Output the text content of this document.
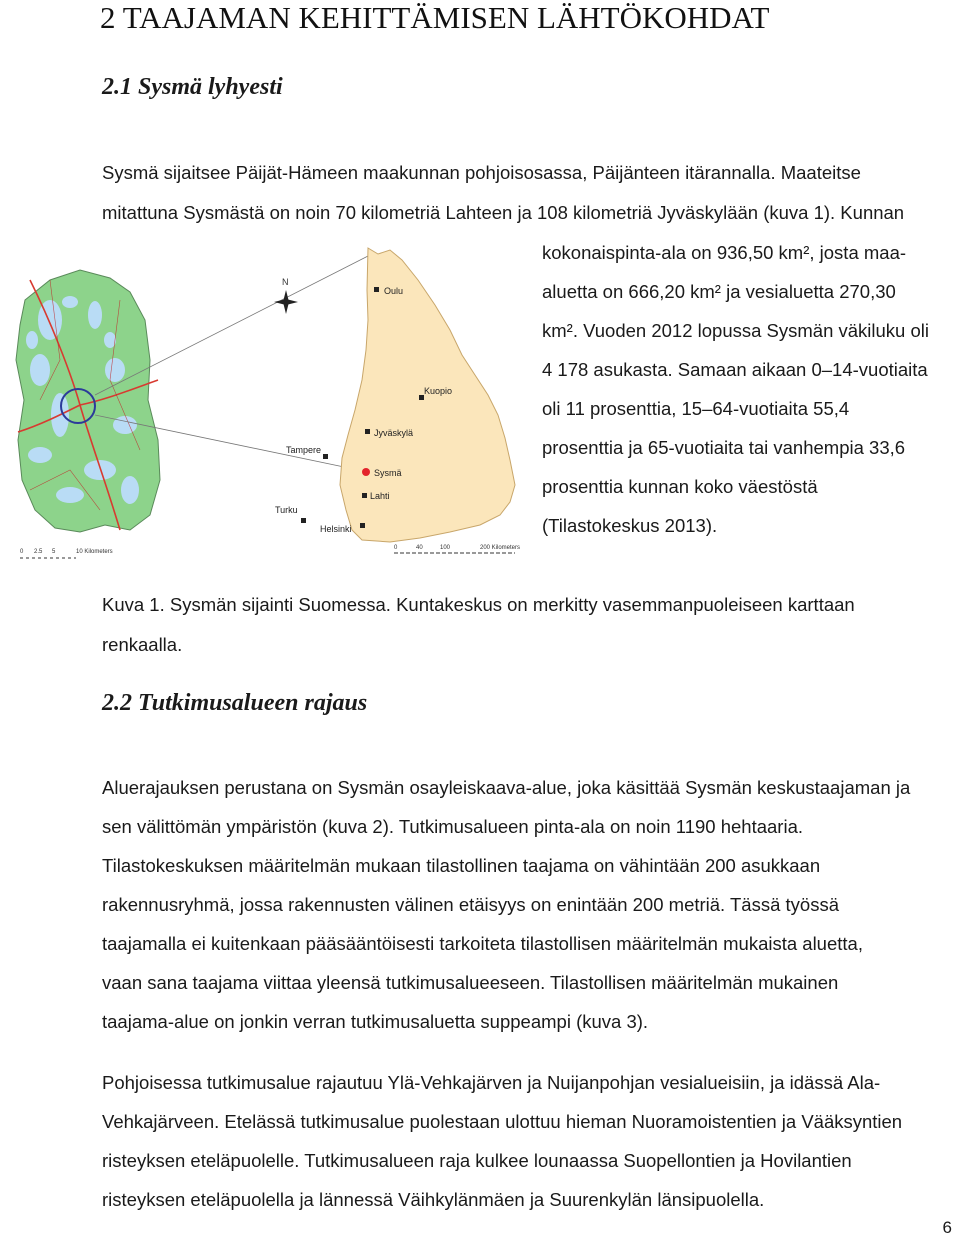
2 TAAJAMAN KEHITTÄMISEN LÄHTÖKOHDAT
2.1 Sysmä lyhyesti
Sysmä sijaitsee Päijät-Hämeen maakunnan pohjoisosassa, Päijänteen itärannalla. Maateitse
mitattuna Sysmästä on noin 70 kilometriä Lahteen ja 108 kilometriä Jyväskylään (kuva 1). Kunnan
kokonaispinta-ala on 936,50 km², josta maa-
aluetta on 666,20 km² ja vesialuetta 270,30
km². Vuoden 2012 lopussa Sysmän väkiluku oli
4 178 asukasta. Samaan aikaan 0–14-vuotiaita
oli 11 prosenttia, 15–64-vuotiaita 55,4
prosenttia ja 65-vuotiaita tai vanhempia 33,6
prosenttia kunnan koko väestöstä
(Tilastokeskus 2013).
0 2.5 5	10 Kilometers
N
Oulu
Kuopio
Jyväskylä
Tampere
Sysmä
Lahti
Turku
Helsinki
0	40	100	200 Kilometers
Kuva 1. Sysmän sijainti Suomessa. Kuntakeskus on merkitty vasemmanpuoleiseen karttaan
renkaalla.
2.2 Tutkimusalueen rajaus
Aluerajauksen perustana on Sysmän osayleiskaava-alue, joka käsittää Sysmän keskustaajaman ja
sen välittömän ympäristön (kuva 2). Tutkimusalueen pinta-ala on noin 1190 hehtaaria.
Tilastokeskuksen määritelmän mukaan tilastollinen taajama on vähintään 200 asukkaan
rakennusryhmä, jossa rakennusten välinen etäisyys on enintään 200 metriä. Tässä työssä
taajamalla ei kuitenkaan pääsääntöisesti tarkoiteta tilastollisen määritelmän mukaista aluetta,
vaan sana taajama viittaa yleensä tutkimusalueeseen. Tilastollisen määritelmän mukainen
taajama-alue on jonkin verran tutkimusaluetta suppeampi (kuva 3).
Pohjoisessa tutkimusalue rajautuu Ylä-Vehkajärven ja Nuijanpohjan vesialueisiin, ja idässä Ala-
Vehkajärveen. Etelässä tutkimusalue puolestaan ulottuu hieman Nuoramoistentien ja Vääksyntien
risteyksen eteläpuolelle. Tutkimusalueen raja kulkee lounaassa Suopellontien ja Hovilantien
risteyksen eteläpuolella ja lännessä Väihkylänmäen ja Suurenkylän länsipuolella.
6
